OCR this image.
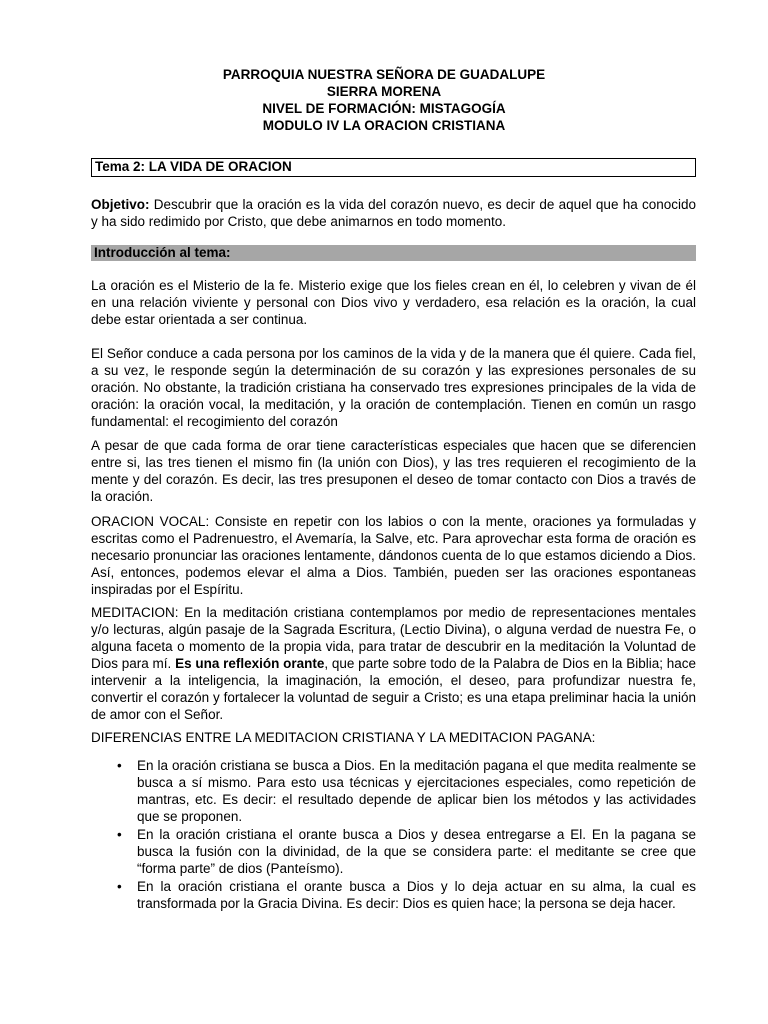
PARROQUIA NUESTRA SEÑORA DE GUADALUPE
SIERRA MORENA
NIVEL DE FORMACIÓN: MISTAGOGÍA
MODULO IV LA ORACION CRISTIANA
Tema 2: LA VIDA DE ORACION
Objetivo: Descubrir que la oración es la vida del corazón nuevo, es decir de aquel que ha conocido y ha sido redimido por Cristo, que debe animarnos en todo momento.
Introducción al tema:
La oración es el Misterio de la fe. Misterio exige que los fieles crean en él, lo celebren y vivan de él en una relación viviente y personal con Dios vivo y verdadero, esa relación es la oración, la cual debe estar orientada a ser continua.
El Señor conduce a cada persona por los caminos de la vida y de la manera que él quiere. Cada fiel, a su vez, le responde según la determinación de su corazón y las expresiones personales de su oración. No obstante, la tradición cristiana ha conservado tres expresiones principales de la vida de oración: la oración vocal, la meditación, y la oración de contemplación. Tienen en común un rasgo fundamental: el recogimiento del corazón
A pesar de que cada forma de orar tiene características especiales que hacen que se diferencien entre si, las tres tienen el mismo fin (la unión con Dios), y las tres requieren el recogimiento de la mente y del corazón. Es decir, las tres presuponen el deseo de tomar contacto con Dios a través de la oración.
ORACION VOCAL: Consiste en repetir con los labios o con la mente, oraciones ya formuladas y escritas como el Padrenuestro, el Avemaría, la Salve, etc. Para aprovechar esta forma de oración es necesario pronunciar las oraciones lentamente, dándonos cuenta de lo que estamos diciendo a Dios. Así, entonces, podemos elevar el alma a Dios. También, pueden ser las oraciones espontaneas inspiradas por el Espíritu.
MEDITACION: En la meditación cristiana contemplamos por medio de representaciones mentales y/o lecturas, algún pasaje de la Sagrada Escritura, (Lectio Divina), o alguna verdad de nuestra Fe, o alguna faceta o momento de la propia vida, para tratar de descubrir en la meditación la Voluntad de Dios para mí. Es una reflexión orante, que parte sobre todo de la Palabra de Dios en la Biblia; hace intervenir a la inteligencia, la imaginación, la emoción, el deseo, para profundizar nuestra fe, convertir el corazón y fortalecer la voluntad de seguir a Cristo; es una etapa preliminar hacia la unión de amor con el Señor.
DIFERENCIAS ENTRE LA MEDITACION CRISTIANA Y LA MEDITACION PAGANA:
• En la oración cristiana se busca a Dios. En la meditación pagana el que medita realmente se busca a sí mismo. Para esto usa técnicas y ejercitaciones especiales, como repetición de mantras, etc. Es decir: el resultado depende de aplicar bien los métodos y las actividades que se proponen.
• En la oración cristiana el orante busca a Dios y desea entregarse a El. En la pagana se busca la fusión con la divinidad, de la que se considera parte: el meditante se cree que “forma parte” de dios (Panteísmo).
• En la oración cristiana el orante busca a Dios y lo deja actuar en su alma, la cual es transformada por la Gracia Divina. Es decir: Dios es quien hace; la persona se deja hacer.
